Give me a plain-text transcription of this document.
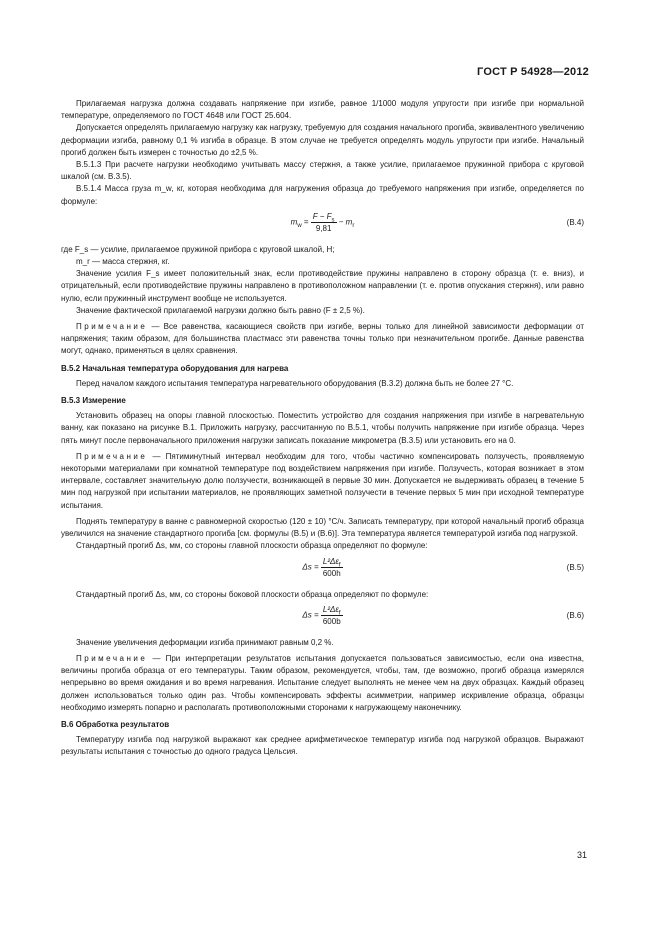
ГОСТ Р 54928—2012

Прилагаемая нагрузка должна создавать напряжение при изгибе, равное 1/1000 модуля упругости при изгибе при нормальной температуре, определяемого по ГОСТ 4648 или ГОСТ 25.604.

Допускается определять прилагаемую нагрузку как нагрузку, требуемую для создания начального прогиба, эквивалентного увеличению деформации изгиба, равному 0,1 % изгиба в образце. В этом случае не требуется определять модуль упругости при изгибе. Начальный прогиб должен быть измерен с точностью до ±2,5 %.

В.5.1.3 При расчете нагрузки необходимо учитывать массу стержня, а также усилие, прилагаемое пружинной прибора с круговой шкалой (см. В.3.5).

В.5.1.4 Масса груза m_w, кг, которая необходима для нагружения образца до требуемого напряжения при изгибе, определяется по формуле:

$m_w = \frac{F - F_s}{9,81} - m_r$	(В.4)

где F_s — усилие, прилагаемое пружиной прибора с круговой шкалой, Н;

m_r — масса стержня, кг.

Значение усилия F_s имеет положительный знак, если противодействие пружины направлено в сторону образца (т. е. вниз), и отрицательный, если противодействие пружины направлено в противоположном направлении (т. е. против опускания стержня), или равно нулю, если пружинный инструмент вообще не используется.

Значение фактической прилагаемой нагрузки должно быть равно (F ± 2,5 %).

Примечание — Все равенства, касающиеся свойств при изгибе, верны только для линейной зависимости деформации от напряжения; таким образом, для большинства пластмасс эти равенства точны только при незначительном прогибе. Данные равенства могут, однако, применяться в целях сравнения.

В.5.2 Начальная температура оборудования для нагрева

Перед началом каждого испытания температура нагревательного оборудования (В.3.2) должна быть не более 27 °С.

В.5.3 Измерение

Установить образец на опоры главной плоскостью. Поместить устройство для создания напряжения при изгибе в нагревательную ванну, как показано на рисунке В.1. Приложить нагрузку, рассчитанную по В.5.1, чтобы получить напряжение при изгибе образца. Через пять минут после первоначального приложения нагрузки записать показание микрометра (В.3.5) или установить его на 0.

Примечание — Пятиминутный интервал необходим для того, чтобы частично компенсировать ползучесть, проявляемую некоторыми материалами при комнатной температуре под воздействием напряжения при изгибе. Ползучесть, которая возникает в этом интервале, составляет значительную долю ползучести, возникающей в первые 30 мин. Допускается не выдерживать образец в течение 5 мин под нагрузкой при испытании материалов, не проявляющих заметной ползучести в течение первых 5 мин при исходной температуре испытания.

Поднять температуру в ванне с равномерной скоростью (120 ± 10) °С/ч. Записать температуру, при которой начальный прогиб образца увеличился на значение стандартного прогиба [см. формулы (В.5) и (В.6)]. Эта температура является температурой изгиба под нагрузкой.

Стандартный прогиб Δs, мм, со стороны главной плоскости образца определяют по формуле:

$\Delta s = \frac{L^2\Delta\varepsilon_f}{600h}$	(В.5)

Стандартный прогиб Δs, мм, со стороны боковой плоскости образца определяют по формуле:

$\Delta s = \frac{L^2\Delta\varepsilon_f}{600b}$	(В.6)

Значение увеличения деформации изгиба принимают равным 0,2 %.

Примечание — При интерпретации результатов испытания допускается пользоваться зависимостью, если она известна, величины прогиба образца от его температуры. Таким образом, рекомендуется, чтобы, там, где возможно, прогиб образца измерялся непрерывно во время ожидания и во время нагревания. Испытание следует выполнять не менее чем на двух образцах. Каждый образец должен использоваться только один раз. Чтобы компенсировать эффекты асимметрии, например искривление образца, образцы необходимо измерять попарно и располагать противоположными сторонами к нагружающему наконечнику.

В.6 Обработка результатов

Температуру изгиба под нагрузкой выражают как среднее арифметическое температур изгиба под нагрузкой образцов. Выражают результаты испытания с точностью до одного градуса Цельсия.

31
